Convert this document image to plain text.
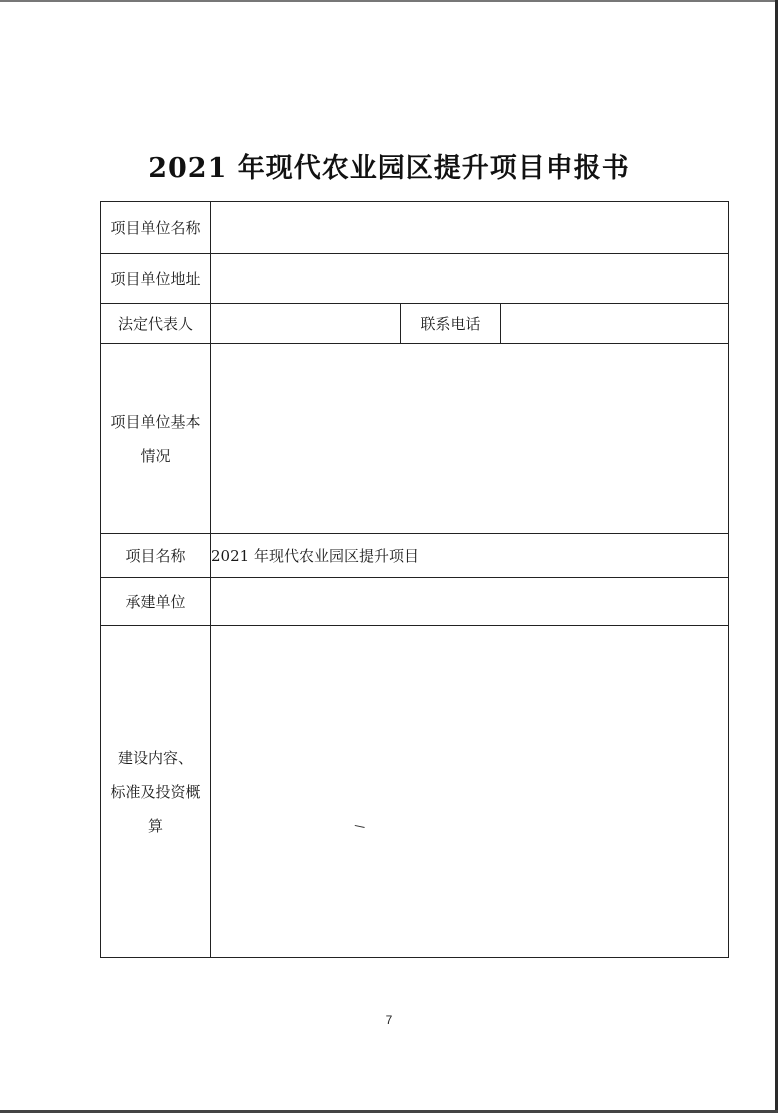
2021 年现代农业园区提升项目申报书
项目单位名称			
项目单位地址			
法定代表人		联系电话	

项目单位基本
情况			

项目名称	2021 年现代农业园区提升项目		
承建单位			

建设内容、
标准及投资概
算			

7
